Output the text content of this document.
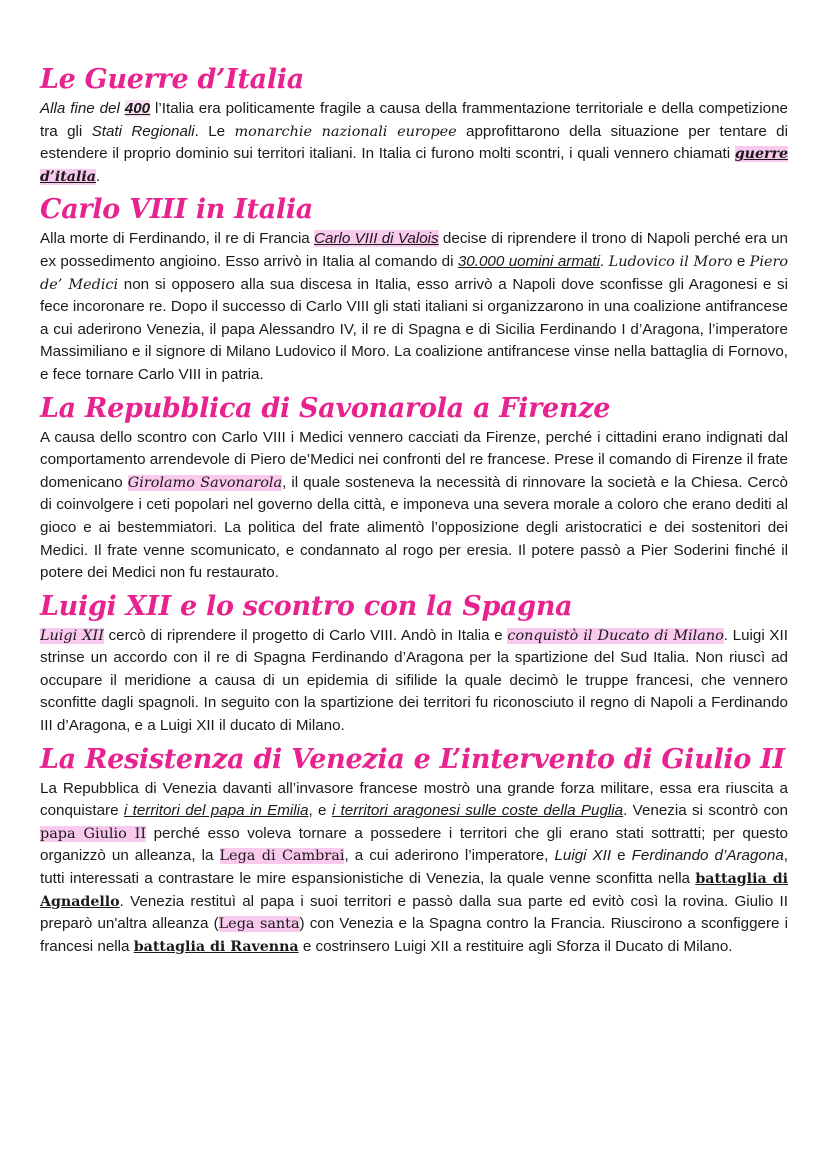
Le Guerre d’Italia

Alla fine del 400 l’Italia era politicamente fragile a causa della frammentazione territoriale e della competizione tra gli Stati Regionali. Le monarchie nazionali europee approfittarono della situazione per tentare di estendere il proprio dominio sui territori italiani. In Italia ci furono molti scontri, i quali vennero chiamati guerre d’italia.

Carlo VIII in Italia

Alla morte di Ferdinando, il re di Francia Carlo VIII di Valois decise di riprendere il trono di Napoli perché era un ex possedimento angioino. Esso arrivò in Italia al comando di 30.000 uomini armati. Ludovico il Moro e Piero de’ Medici non si opposero alla sua discesa in Italia, esso arrivò a Napoli dove sconfisse gli Aragonesi e si fece incoronare re. Dopo il successo di Carlo VIII gli stati italiani si organizzarono in una coalizione antifrancese a cui aderirono Venezia, il papa Alessandro IV, il re di Spagna e di Sicilia Ferdinando I d’Aragona, l’imperatore Massimiliano e il signore di Milano Ludovico il Moro. La coalizione antifrancese vinse nella battaglia di Fornovo, e fece tornare Carlo VIII in patria.

La Repubblica di Savonarola a Firenze

A causa dello scontro con Carlo VIII i Medici vennero cacciati da Firenze, perché i cittadini erano indignati dal comportamento arrendevole di Piero de’Medici nei confronti del re francese. Prese il comando di Firenze il frate domenicano Girolamo Savonarola, il quale sosteneva la necessità di rinnovare la società e la Chiesa. Cercò di coinvolgere i ceti popolari nel governo della città, e imponeva una severa morale a coloro che erano dediti al gioco e ai bestemmiatori. La politica del frate alimentò l’opposizione degli aristocratici e dei sostenitori dei Medici. Il frate venne scomunicato, e condannato al rogo per eresia. Il potere passò a Pier Soderini finché il potere dei Medici non fu restaurato.

Luigi XII e lo scontro con la Spagna

Luigi XII cercò di riprendere il progetto di Carlo VIII. Andò in Italia e conquistò il Ducato di Milano. Luigi XII strinse un accordo con il re di Spagna Ferdinando d’Aragona per la spartizione del Sud Italia. Non riuscì ad occupare il meridione a causa di un epidemia di sifilide la quale decimò le truppe francesi, che vennero sconfitte dagli spagnoli. In seguito con la spartizione dei territori fu riconosciuto il regno di Napoli a Ferdinando III d’Aragona, e a Luigi XII il ducato di Milano.

La Resistenza di Venezia e L’intervento di Giulio II

La Repubblica di Venezia davanti all’invasore francese mostrò una grande forza militare, essa era riuscita a conquistare i territori del papa in Emilia, e i territori aragonesi sulle coste della Puglia. Venezia si scontrò con papa Giulio II perché esso voleva tornare a possedere i territori che gli erano stati sottratti; per questo organizzò un alleanza, la Lega di Cambrai, a cui aderirono l’imperatore, Luigi XII e Ferdinando d’Aragona, tutti interessati a contrastare le mire espansionistiche di Venezia, la quale venne sconfitta nella battaglia di Agnadello. Venezia restituì al papa i suoi territori e passò dalla sua parte ed evitò così la rovina. Giulio II preparò un'altra alleanza (Lega santa) con Venezia e la Spagna contro la Francia. Riuscirono a sconfiggere i francesi nella battaglia di Ravenna e costrinsero Luigi XII a restituire agli Sforza il Ducato di Milano.
